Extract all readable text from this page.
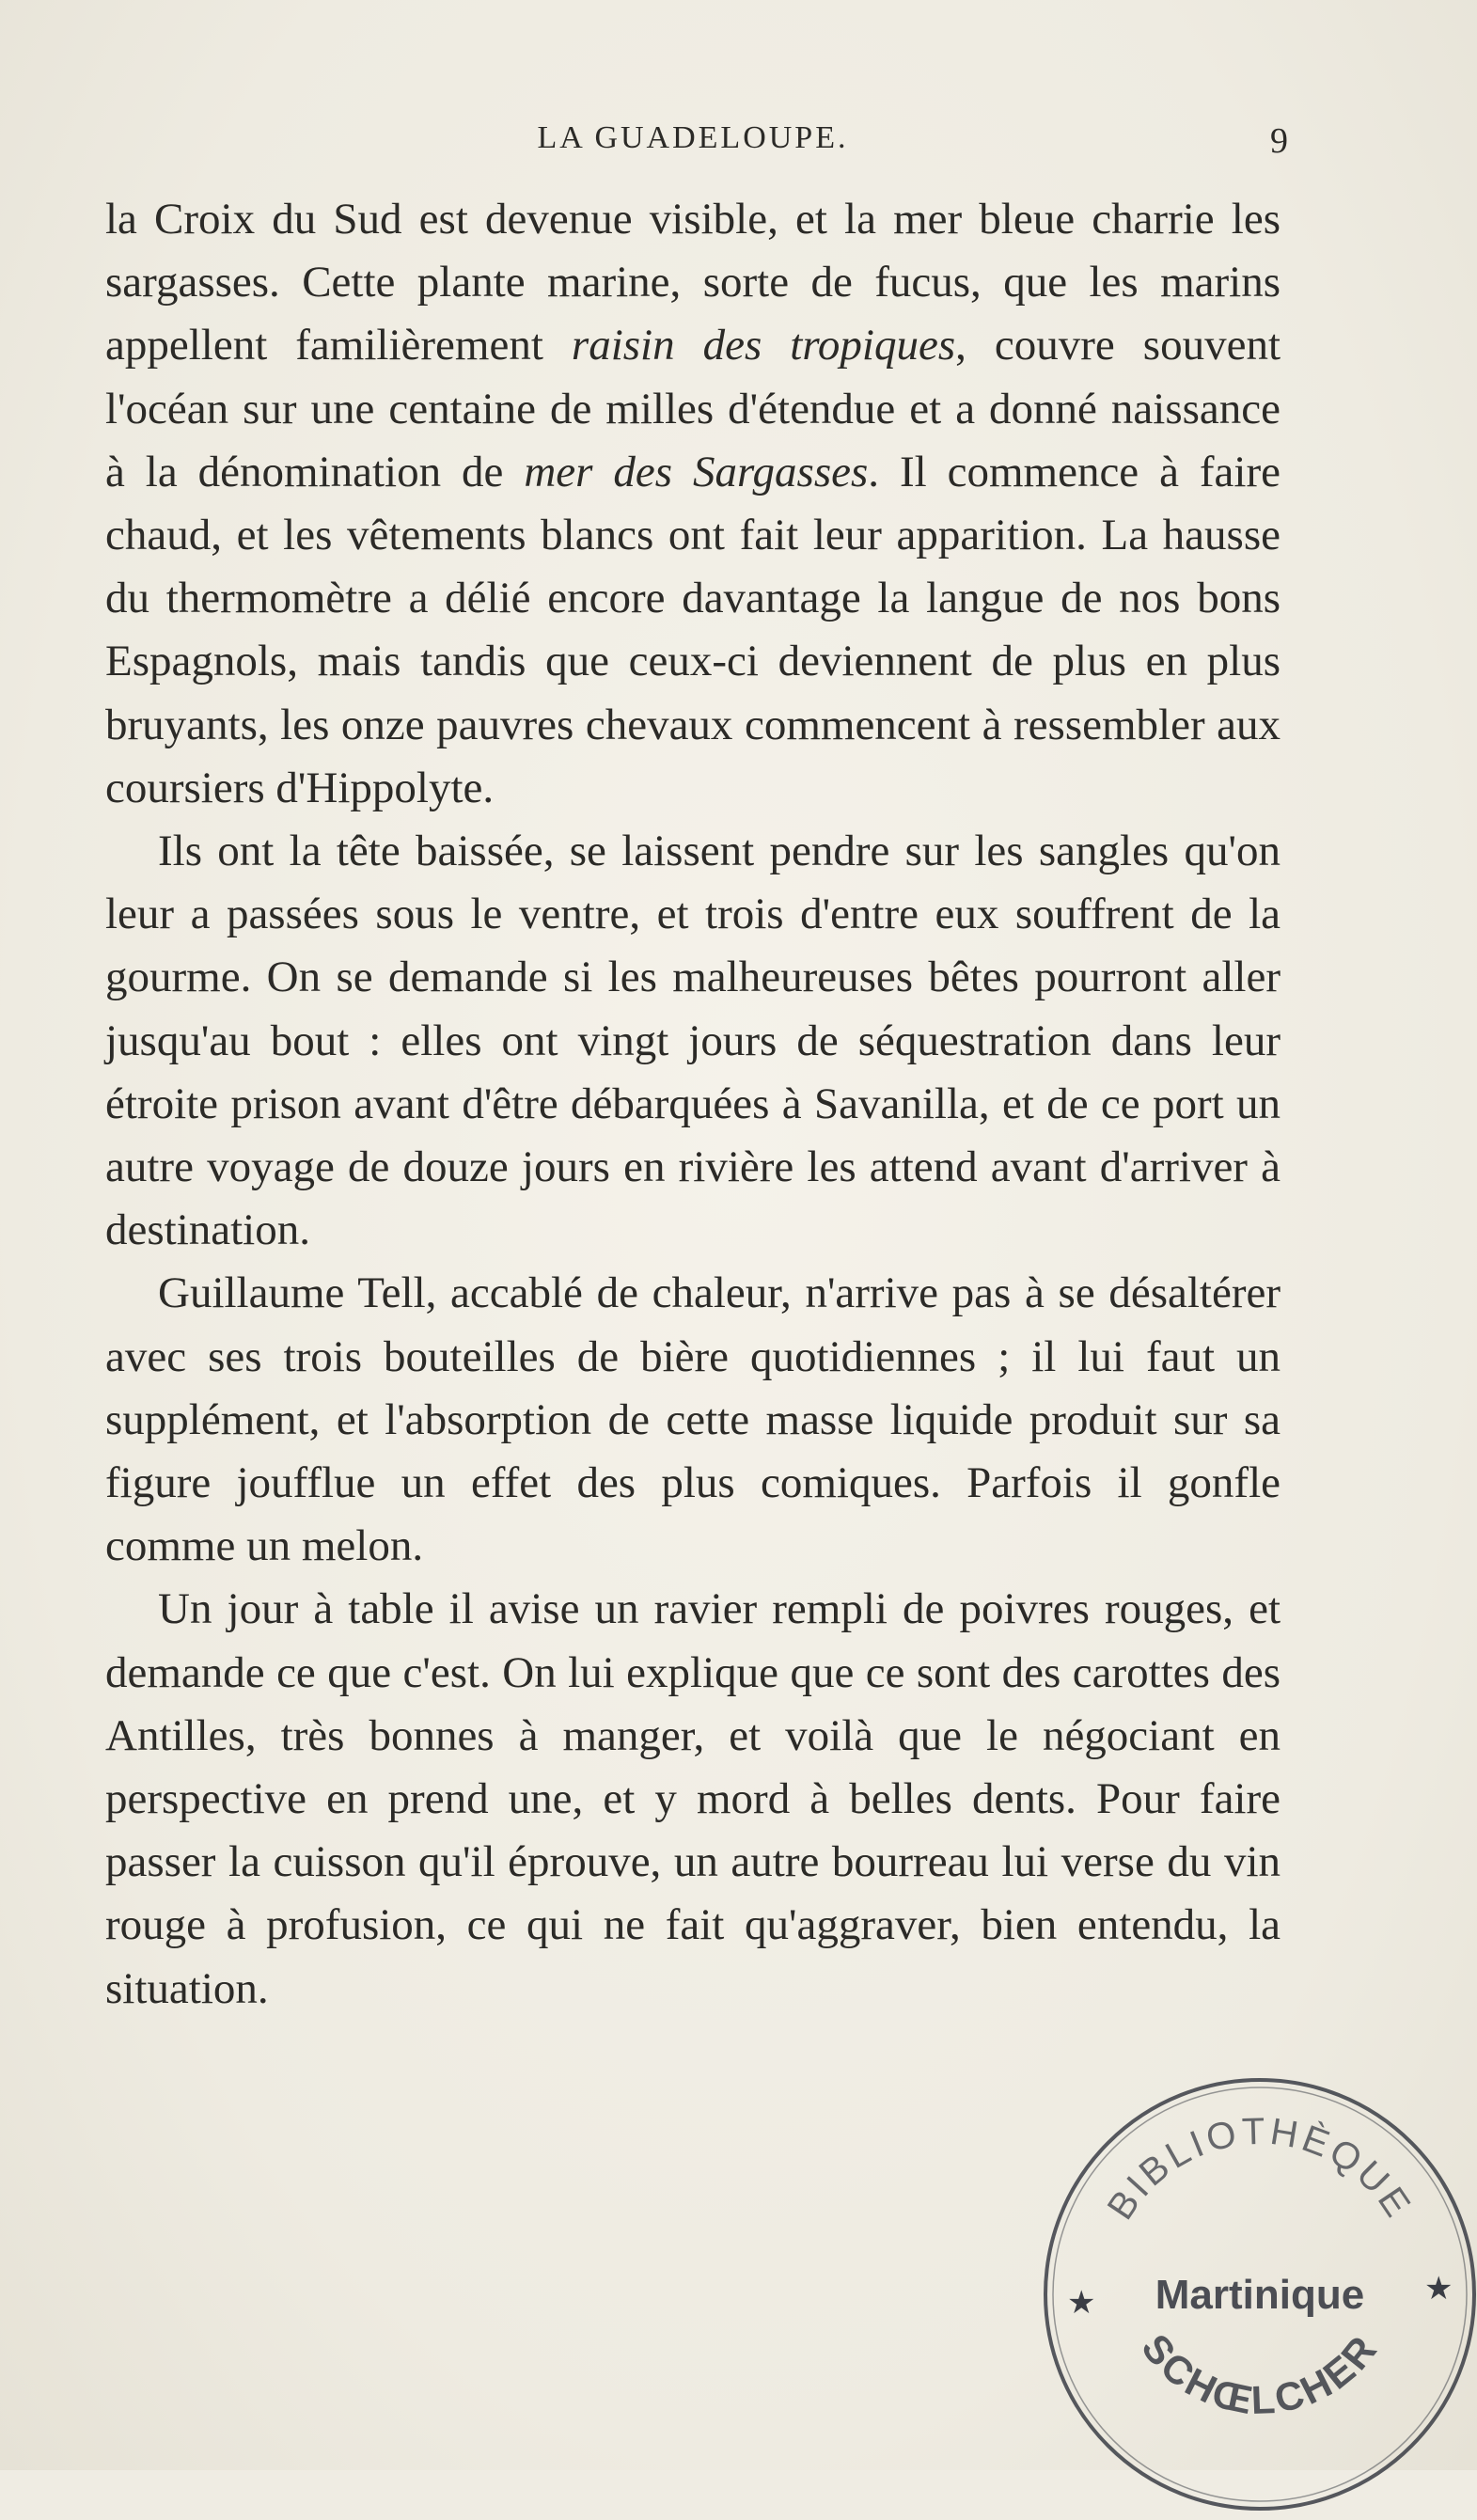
LA GUADELOUPE.	9

la Croix du Sud est devenue visible, et la mer bleue charrie les sargasses. Cette plante marine, sorte de fucus, que les marins appellent familièrement raisin des tropiques, couvre souvent l'océan sur une centaine de milles d'étendue et a donné naissance à la dénomination de mer des Sargasses. Il commence à faire chaud, et les vêtements blancs ont fait leur apparition. La hausse du thermomètre a délié encore davantage la langue de nos bons Espagnols, mais tandis que ceux-ci deviennent de plus en plus bruyants, les onze pauvres chevaux commencent à ressembler aux coursiers d'Hippolyte.

Ils ont la tête baissée, se laissent pendre sur les sangles qu'on leur a passées sous le ventre, et trois d'entre eux souffrent de la gourme. On se demande si les malheureuses bêtes pourront aller jusqu'au bout : elles ont vingt jours de séquestration dans leur étroite prison avant d'être débarquées à Savanilla, et de ce port un autre voyage de douze jours en rivière les attend avant d'arriver à destination.

Guillaume Tell, accablé de chaleur, n'arrive pas à se désaltérer avec ses trois bouteilles de bière quotidiennes ; il lui faut un supplément, et l'absorption de cette masse liquide produit sur sa figure joufflue un effet des plus comiques. Parfois il gonfle comme un melon.

Un jour à table il avise un ravier rempli de poivres rouges, et demande ce que c'est. On lui explique que ce sont des carottes des Antilles, très bonnes à manger, et voilà que le négociant en perspective en prend une, et y mord à belles dents. Pour faire passer la cuisson qu'il éprouve, un autre bourreau lui verse du vin rouge à profusion, ce qui ne fait qu'aggraver, bien entendu, la situation.

BIBLIOTHÈQUE
Martinique
★	★
SCHŒLCHER
